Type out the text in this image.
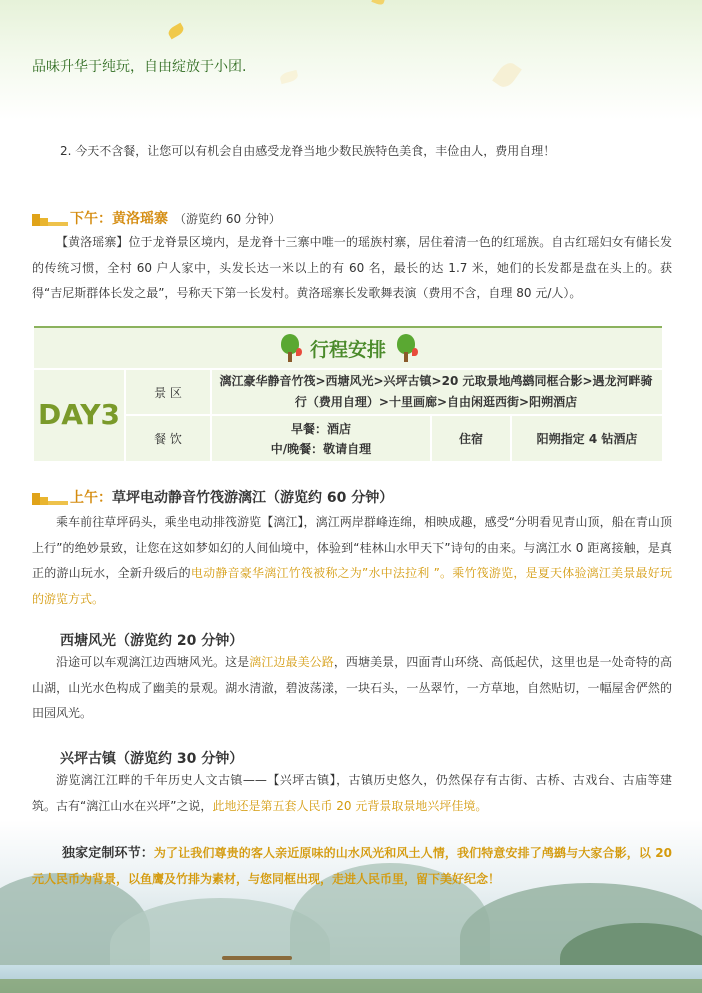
品味升华于纯玩，自由绽放于小团.
2. 今天不含餐，让您可以有机会自由感受龙脊当地少数民族特色美食，丰俭由人，费用自理！
下午： 黄洛瑶寨 （游览约 60 分钟）
【黄洛瑶寨】位于龙脊景区境内，是龙脊十三寨中唯一的瑶族村寨，居住着清一色的红瑶族。自古红瑶妇女有储长发的传统习惯，全村 60 户人家中，头发长达一米以上的有 60 名，最长的达 1.7 米，她们的长发都是盘在头上的。获得“吉尼斯群体长发之最”，号称天下第一长发村。黄洛瑶寨长发歌舞表演（费用不含，自理 80 元/人）。
行程安排
DAY3
景 区
漓江豪华静音竹筏>西塘风光>兴坪古镇>20 元取景地鸬鹚同框合影>遇龙河畔骑行（费用自理）>十里画廊>自由闲逛西街>阳朔酒店
餐 饮
早餐：酒店
中/晚餐：敬请自理
住宿	阳朔指定 4 钻酒店
上午： 草坪电动静音竹筏游漓江（游览约 60 分钟）
乘车前往草坪码头，乘坐电动排筏游览【漓江】，漓江两岸群峰连绵，相映成趣，感受“分明看见青山顶，船在青山顶上行”的绝妙景致，让您在这如梦如幻的人间仙境中，体验到“桂林山水甲天下”诗句的由来。与漓江水 0 距离接触，是真正的游山玩水，全新升级后的电动静音豪华漓江竹筏被称之为”水中法拉利 ”。乘竹筏游览，是夏天体验漓江美景最好玩的游览方式。
西塘风光（游览约 20 分钟）
沿途可以车观漓江边西塘风光。这是漓江边最美公路，西塘美景，四面青山环绕、高低起伏，这里也是一处奇特的高山湖，山光水色构成了幽美的景观。湖水清澈，碧波荡漾，一块石头，一丛翠竹，一方草地，自然贴切，一幅屋舍俨然的田园风光。
兴坪古镇（游览约 30 分钟）
游览漓江江畔的千年历史人文古镇——【兴坪古镇】，古镇历史悠久，仍然保存有古街、古桥、古戏台、古庙等建筑。古有“漓江山水在兴坪”之说，此地还是第五套人民币 20 元背景取景地兴坪佳境。
独家定制环节：为了让我们尊贵的客人亲近原味的山水风光和风土人情，我们特意安排了鸬鹚与大家合影，以 20 元人民币为背景，以鱼鹰及竹排为素材，与您同框出现，走进人民币里，留下美好纪念！
